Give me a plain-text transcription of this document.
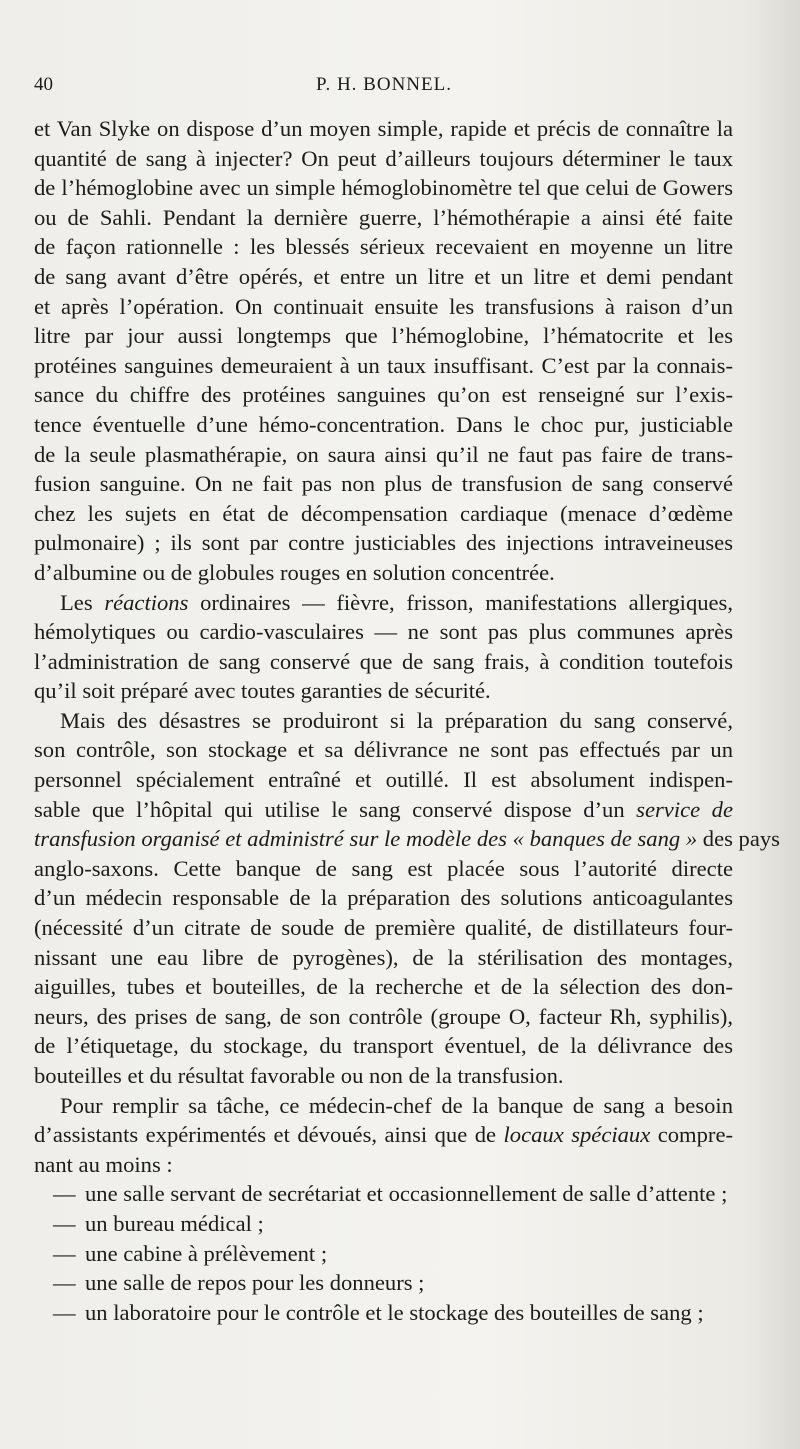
40	P. H. BONNEL.
et Van Slyke on dispose d’un moyen simple, rapide et précis de connaître la
quantité de sang à injecter? On peut d’ailleurs toujours déterminer le taux
de l’hémoglobine avec un simple hémoglobinomètre tel que celui de Gowers
ou de Sahli. Pendant la dernière guerre, l’hémothérapie a ainsi été faite
de façon rationnelle : les blessés sérieux recevaient en moyenne un litre
de sang avant d’être opérés, et entre un litre et un litre et demi pendant
et après l’opération. On continuait ensuite les transfusions à raison d’un
litre par jour aussi longtemps que l’hémoglobine, l’hématocrite et les
protéines sanguines demeuraient à un taux insuffisant. C’est par la connais-
sance du chiffre des protéines sanguines qu’on est renseigné sur l’exis-
tence éventuelle d’une hémo-concentration. Dans le choc pur, justiciable
de la seule plasmathérapie, on saura ainsi qu’il ne faut pas faire de trans-
fusion sanguine. On ne fait pas non plus de transfusion de sang conservé
chez les sujets en état de décompensation cardiaque (menace d’œdème
pulmonaire) ; ils sont par contre justiciables des injections intraveineuses
d’albumine ou de globules rouges en solution concentrée.
Les réactions ordinaires — fièvre, frisson, manifestations allergiques,
hémolytiques ou cardio-vasculaires — ne sont pas plus communes après
l’administration de sang conservé que de sang frais, à condition toutefois
qu’il soit préparé avec toutes garanties de sécurité.
Mais des désastres se produiront si la préparation du sang conservé,
son contrôle, son stockage et sa délivrance ne sont pas effectués par un
personnel spécialement entraîné et outillé. Il est absolument indispen-
sable que l’hôpital qui utilise le sang conservé dispose d’un service de
transfusion organisé et administré sur le modèle des « banques de sang » des pays
anglo-saxons. Cette banque de sang est placée sous l’autorité directe
d’un médecin responsable de la préparation des solutions anticoagulantes
(nécessité d’un citrate de soude de première qualité, de distillateurs four-
nissant une eau libre de pyrogènes), de la stérilisation des montages,
aiguilles, tubes et bouteilles, de la recherche et de la sélection des don-
neurs, des prises de sang, de son contrôle (groupe O, facteur Rh, syphilis),
de l’étiquetage, du stockage, du transport éventuel, de la délivrance des
bouteilles et du résultat favorable ou non de la transfusion.
Pour remplir sa tâche, ce médecin-chef de la banque de sang a besoin
d’assistants expérimentés et dévoués, ainsi que de locaux spéciaux compre-
nant au moins :
— une salle servant de secrétariat et occasionnellement de salle d’attente ;
— un bureau médical ;
— une cabine à prélèvement ;
— une salle de repos pour les donneurs ;
— un laboratoire pour le contrôle et le stockage des bouteilles de sang ;
